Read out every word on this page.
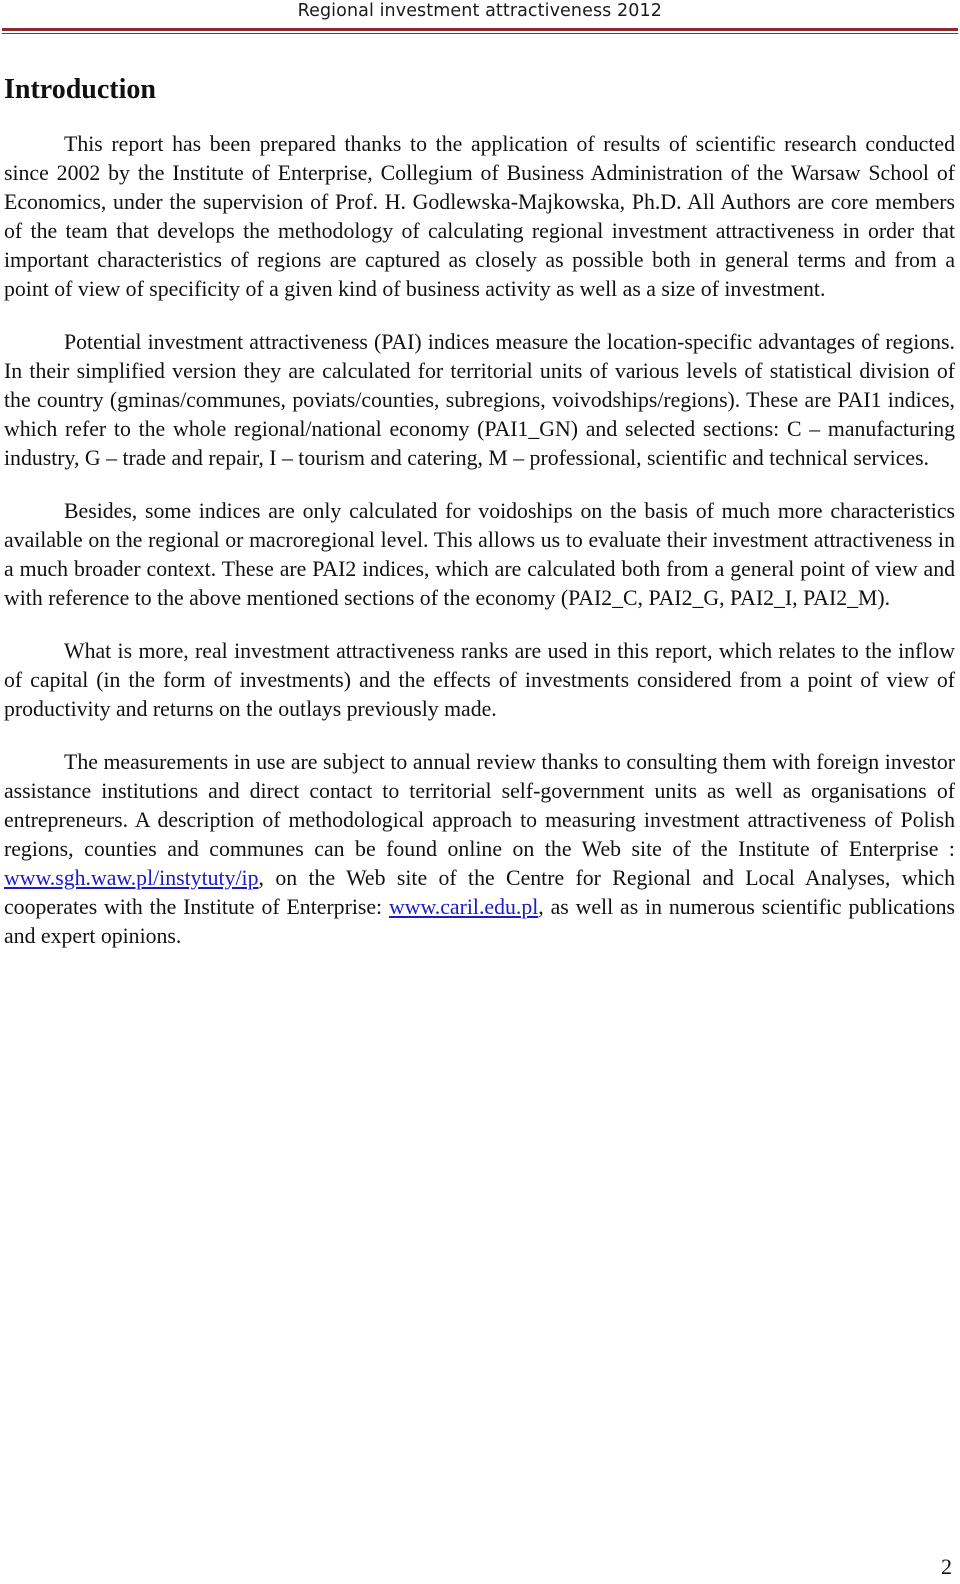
Regional investment attractiveness 2012
Introduction

This report has been prepared thanks to the application of results of scientific research conducted since 2002 by the Institute of Enterprise, Collegium of Business Administration of the Warsaw School of Economics, under the supervision of Prof. H. Godlewska-Majkowska, Ph.D. All Authors are core members of the team that develops the methodology of calculating regional investment attractiveness in order that important characteristics of regions are captured as closely as possible both in general terms and from a point of view of specificity of a given kind of business activity as well as a size of investment.

Potential investment attractiveness (PAI) indices measure the location-specific advantages of regions. In their simplified version they are calculated for territorial units of various levels of statistical division of the country (gminas/communes, poviats/counties, subregions, voivodships/regions). These are PAI1 indices, which refer to the whole regional/national economy (PAI1_GN) and selected sections: C – manufacturing industry, G – trade and repair, I – tourism and catering, M – professional, scientific and technical services.

Besides, some indices are only calculated for voidoships on the basis of much more characteristics available on the regional or macroregional level. This allows us to evaluate their investment attractiveness in a much broader context. These are PAI2 indices, which are calculated both from a general point of view and with reference to the above mentioned sections of the economy (PAI2_C, PAI2_G, PAI2_I, PAI2_M).

What is more, real investment attractiveness ranks are used in this report, which relates to the inflow of capital (in the form of investments) and the effects of investments considered from a point of view of productivity and returns on the outlays previously made.

The measurements in use are subject to annual review thanks to consulting them with foreign investor assistance institutions and direct contact to territorial self-government units as well as organisations of entrepreneurs. A description of methodological approach to measuring investment attractiveness of Polish regions, counties and communes can be found online on the Web site of the Institute of Enterprise : www.sgh.waw.pl/instytuty/ip, on the Web site of the Centre for Regional and Local Analyses, which cooperates with the Institute of Enterprise: www.caril.edu.pl, as well as in numerous scientific publications and expert opinions.

2
